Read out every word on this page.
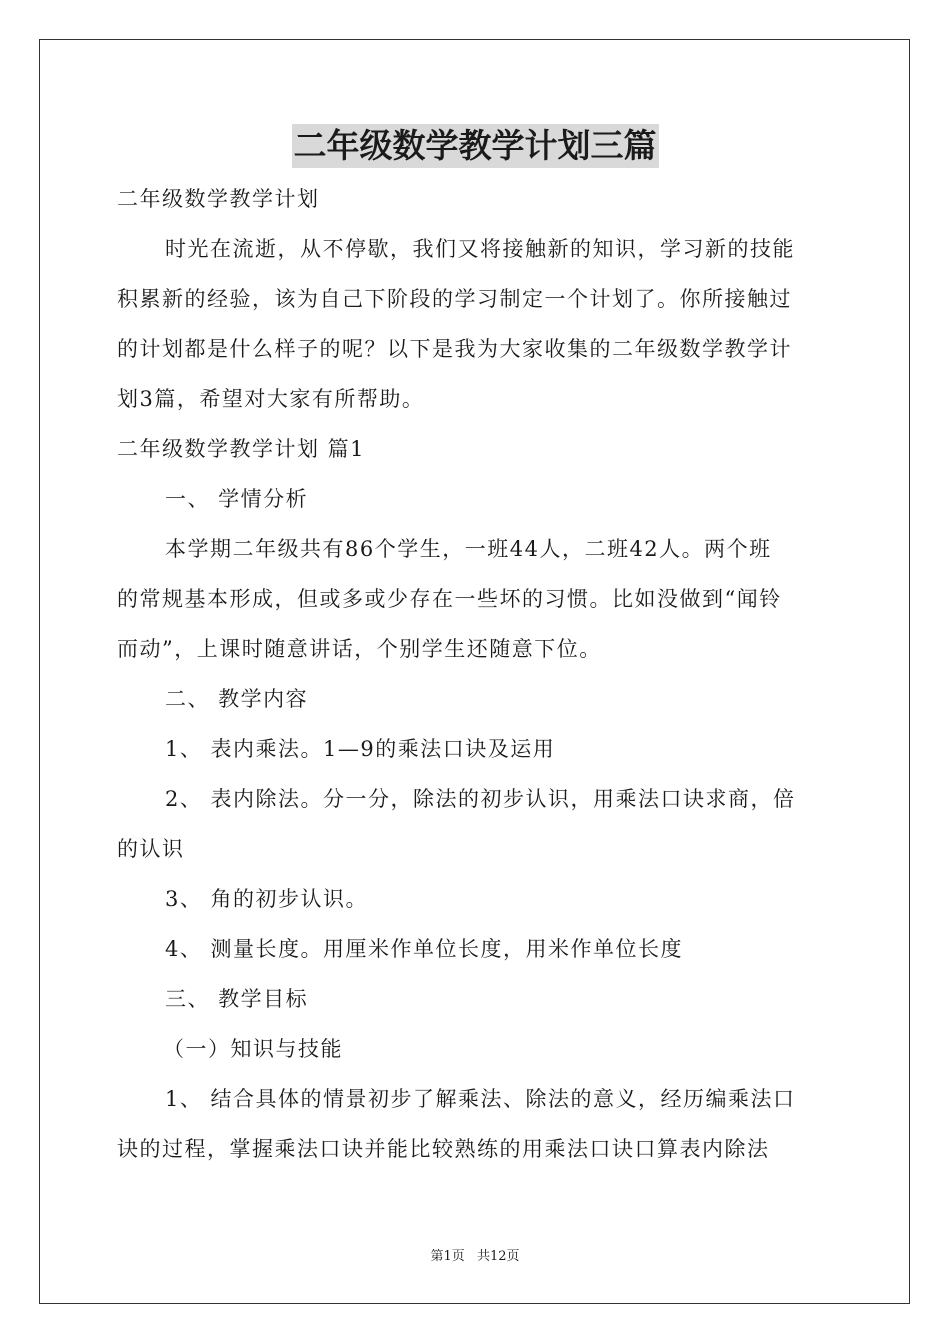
二年级数学教学计划三篇
二年级数学教学计划
时光在流逝，从不停歇，我们又将接触新的知识，学习新的技能
积累新的经验，该为自己下阶段的学习制定一个计划了。你所接触过
的计划都是什么样子的呢？以下是我为大家收集的二年级数学教学计
划3篇，希望对大家有所帮助。
二年级数学教学计划 篇1
一、 学情分析
本学期二年级共有86个学生，一班44人，二班42人。两个班
的常规基本形成，但或多或少存在一些坏的习惯。比如没做到“闻铃
而动”，上课时随意讲话，个别学生还随意下位。
二、 教学内容
1、 表内乘法。1—9的乘法口诀及运用
2、 表内除法。分一分，除法的初步认识，用乘法口诀求商，倍
的认识
3、 角的初步认识。
4、 测量长度。用厘米作单位长度，用米作单位长度
三、 教学目标
（一）知识与技能
1、 结合具体的情景初步了解乘法、除法的意义，经历编乘法口
诀的过程，掌握乘法口诀并能比较熟练的用乘法口诀口算表内除法
第1页 共12页
